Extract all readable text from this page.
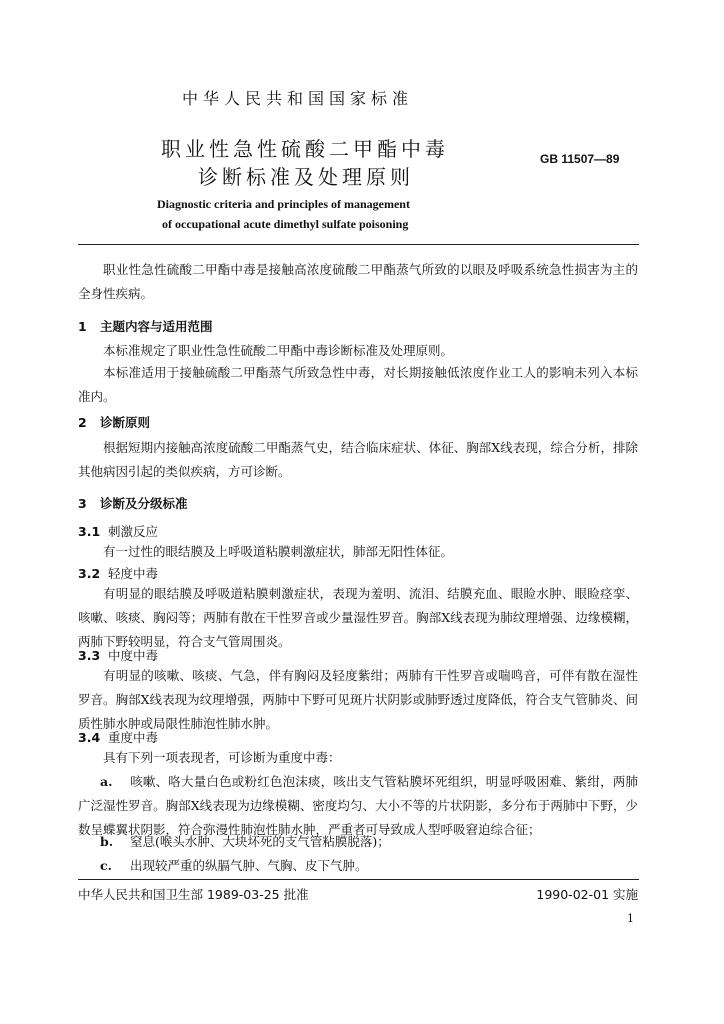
中华人民共和国国家标准
职业性急性硫酸二甲酯中毒
诊断标准及处理原则
GB 11507—89
Diagnostic criteria and principles of management
of occupational acute dimethyl sulfate poisoning
职业性急性硫酸二甲酯中毒是接触高浓度硫酸二甲酯蒸气所致的以眼及呼吸系统急性损害为主的全身性疾病。
1 主题内容与适用范围
本标准规定了职业性急性硫酸二甲酯中毒诊断标准及处理原则。
本标准适用于接触硫酸二甲酯蒸气所致急性中毒，对长期接触低浓度作业工人的影响未列入本标准内。
2 诊断原则
根据短期内接触高浓度硫酸二甲酯蒸气史，结合临床症状、体征、胸部X线表现，综合分析，排除其他病因引起的类似疾病，方可诊断。
3 诊断及分级标准
3.1 刺激反应
有一过性的眼结膜及上呼吸道粘膜刺激症状，肺部无阳性体征。
3.2 轻度中毒
有明显的眼结膜及呼吸道粘膜刺激症状，表现为羞明、流泪、结膜充血、眼睑水肿、眼睑痉挛、咳嗽、咳痰、胸闷等；两肺有散在干性罗音或少量湿性罗音。胸部X线表现为肺纹理增强、边缘模糊，两肺下野较明显，符合支气管周围炎。
3.3 中度中毒
有明显的咳嗽、咳痰、气急，伴有胸闷及轻度紫绀；两肺有干性罗音或喘鸣音，可伴有散在湿性罗音。胸部X线表现为纹理增强，两肺中下野可见斑片状阴影或肺野透过度降低，符合支气管肺炎、间质性肺水肿或局限性肺泡性肺水肿。
3.4 重度中毒
具有下列一项表现者，可诊断为重度中毒：
a. 咳嗽、咯大量白色或粉红色泡沫痰，咳出支气管粘膜坏死组织，明显呼吸困难、紫绀，两肺广泛湿性罗音。胸部X线表现为边缘模糊、密度均匀、大小不等的片状阴影，多分布于两肺中下野，少数呈蝶翼状阴影，符合弥漫性肺泡性肺水肿，严重者可导致成人型呼吸窘迫综合征；
b. 窒息(喉头水肿、大块坏死的支气管粘膜脱落)；
c. 出现较严重的纵膈气肿、气胸、皮下气肿。
中华人民共和国卫生部 1989-03-25 批准	1990-02-01 实施
1
